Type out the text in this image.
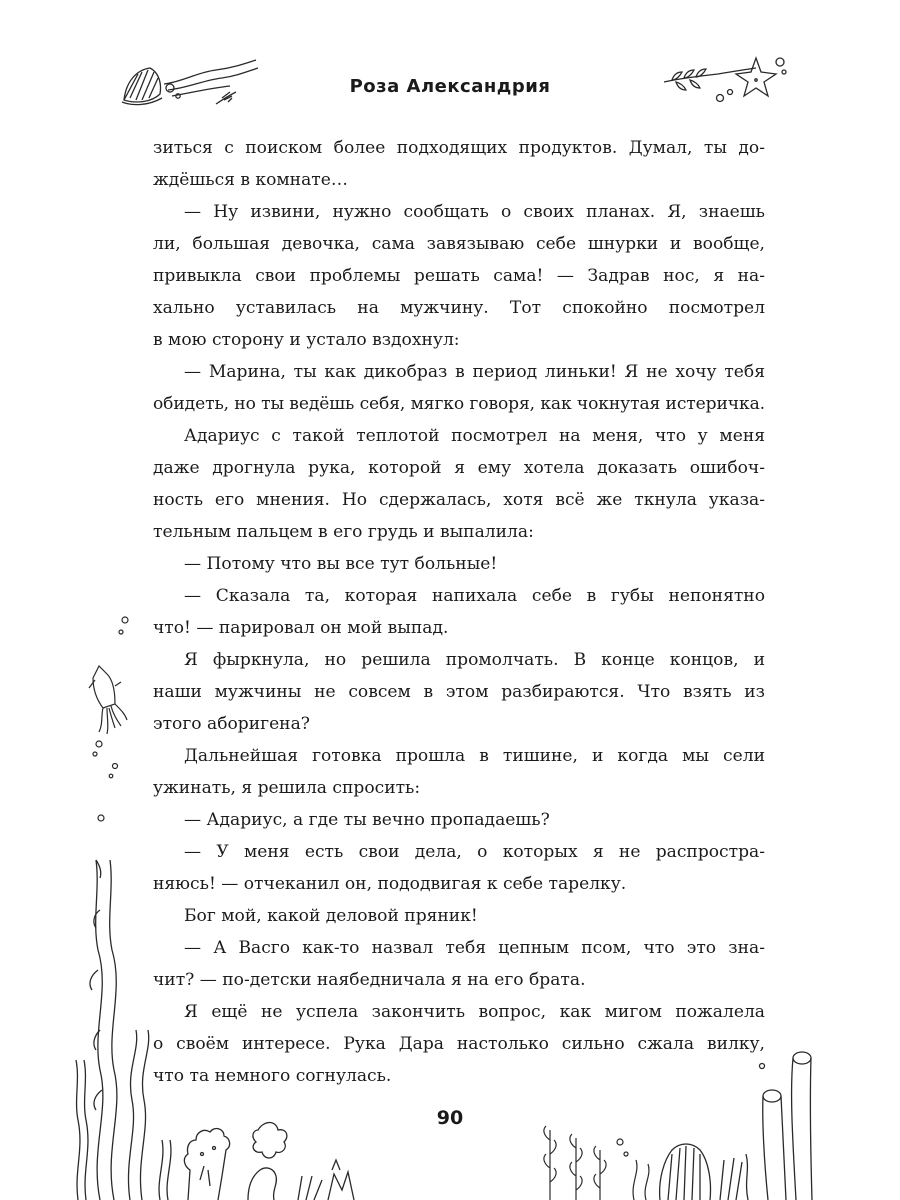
Роза Александрия
зиться с поиском более подходящих продуктов. Думал, ты до-
ждёшься в комнате…
— Ну извини, нужно сообщать о своих планах. Я, знаешь
ли, большая девочка, сама завязываю себе шнурки и вообще,
привыкла свои проблемы решать сама! — Задрав нос, я на-
хально уставилась на мужчину. Тот спокойно посмотрел
в мою сторону и устало вздохнул:
— Марина, ты как дикобраз в период линьки! Я не хочу тебя
обидеть, но ты ведёшь себя, мягко говоря, как чокнутая истеричка.
Адариус с такой теплотой посмотрел на меня, что у меня
даже дрогнула рука, которой я ему хотела доказать ошибоч-
ность его мнения. Но сдержалась, хотя всё же ткнула указа-
тельным пальцем в его грудь и выпалила:
— Потому что вы все тут больные!
— Сказала та, которая напихала себе в губы непонятно
что! — парировал он мой выпад.
Я фыркнула, но решила промолчать. В конце концов, и
наши мужчины не совсем в этом разбираются. Что взять из
этого аборигена?
Дальнейшая готовка прошла в тишине, и когда мы сели
ужинать, я решила спросить:
— Адариус, а где ты вечно пропадаешь?
— У меня есть свои дела, о которых я не распростра-
няюсь! — отчеканил он, пододвигая к себе тарелку.
Бог мой, какой деловой пряник!
— А Васго как-то назвал тебя цепным псом, что это зна-
чит? — по-детски наябедничала я на его брата.
Я ещё не успела закончить вопрос, как мигом пожалела
о своём интересе. Рука Дара настолько сильно сжала вилку,
что та немного согнулась.
90
